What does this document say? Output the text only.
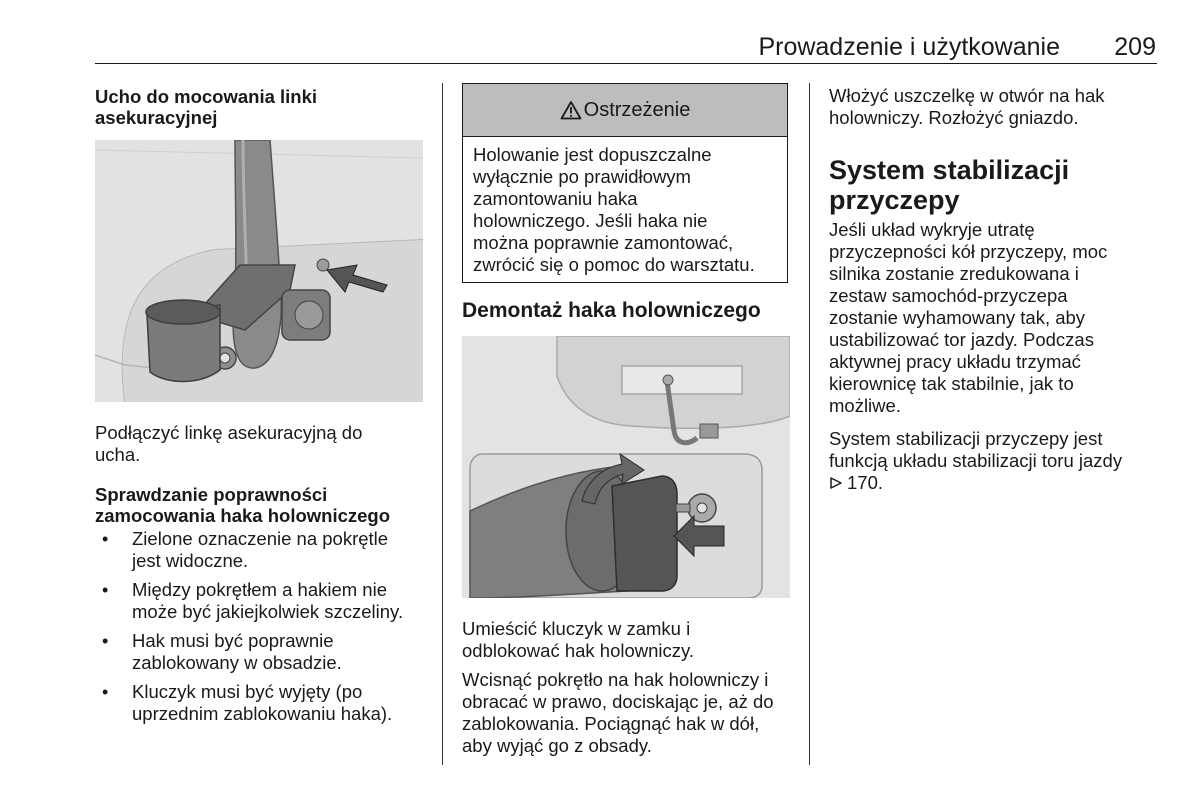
Prowadzenie i użytkowanie	209
Ucho do mocowania linki
asekuracyjnej
Podłączyć linkę asekuracyjną do
ucha.
Sprawdzanie poprawności
zamocowania haka holowniczego
• Zielone oznaczenie na pokrętle
jest widoczne.
• Między pokrętłem a hakiem nie
może być jakiejkolwiek szczeliny.
• Hak musi być poprawnie
zablokowany w obsadzie.
• Kluczyk musi być wyjęty (po
uprzednim zablokowaniu haka).
Ostrzeżenie
Holowanie jest dopuszczalne
wyłącznie po prawidłowym
zamontowaniu haka
holowniczego. Jeśli haka nie
można poprawnie zamontować,
zwrócić się o pomoc do warsztatu.
Demontaż haka holowniczego
Umieścić kluczyk w zamku i
odblokować hak holowniczy.
Wcisnąć pokrętło na hak holowniczy i
obracać w prawo, dociskając je, aż do
zablokowania. Pociągnąć hak w dół,
aby wyjąć go z obsady.
Włożyć uszczelkę w otwór na hak
holowniczy. Rozłożyć gniazdo.
System stabilizacji
przyczepy
Jeśli układ wykryje utratę
przyczepności kół przyczepy, moc
silnika zostanie zredukowana i
zestaw samochód-przyczepa
zostanie wyhamowany tak, aby
ustabilizować tor jazdy. Podczas
aktywnej pracy układu trzymać
kierownicę tak stabilnie, jak to
możliwe.
System stabilizacji przyczepy jest
funkcją układu stabilizacji toru jazdy
170.
